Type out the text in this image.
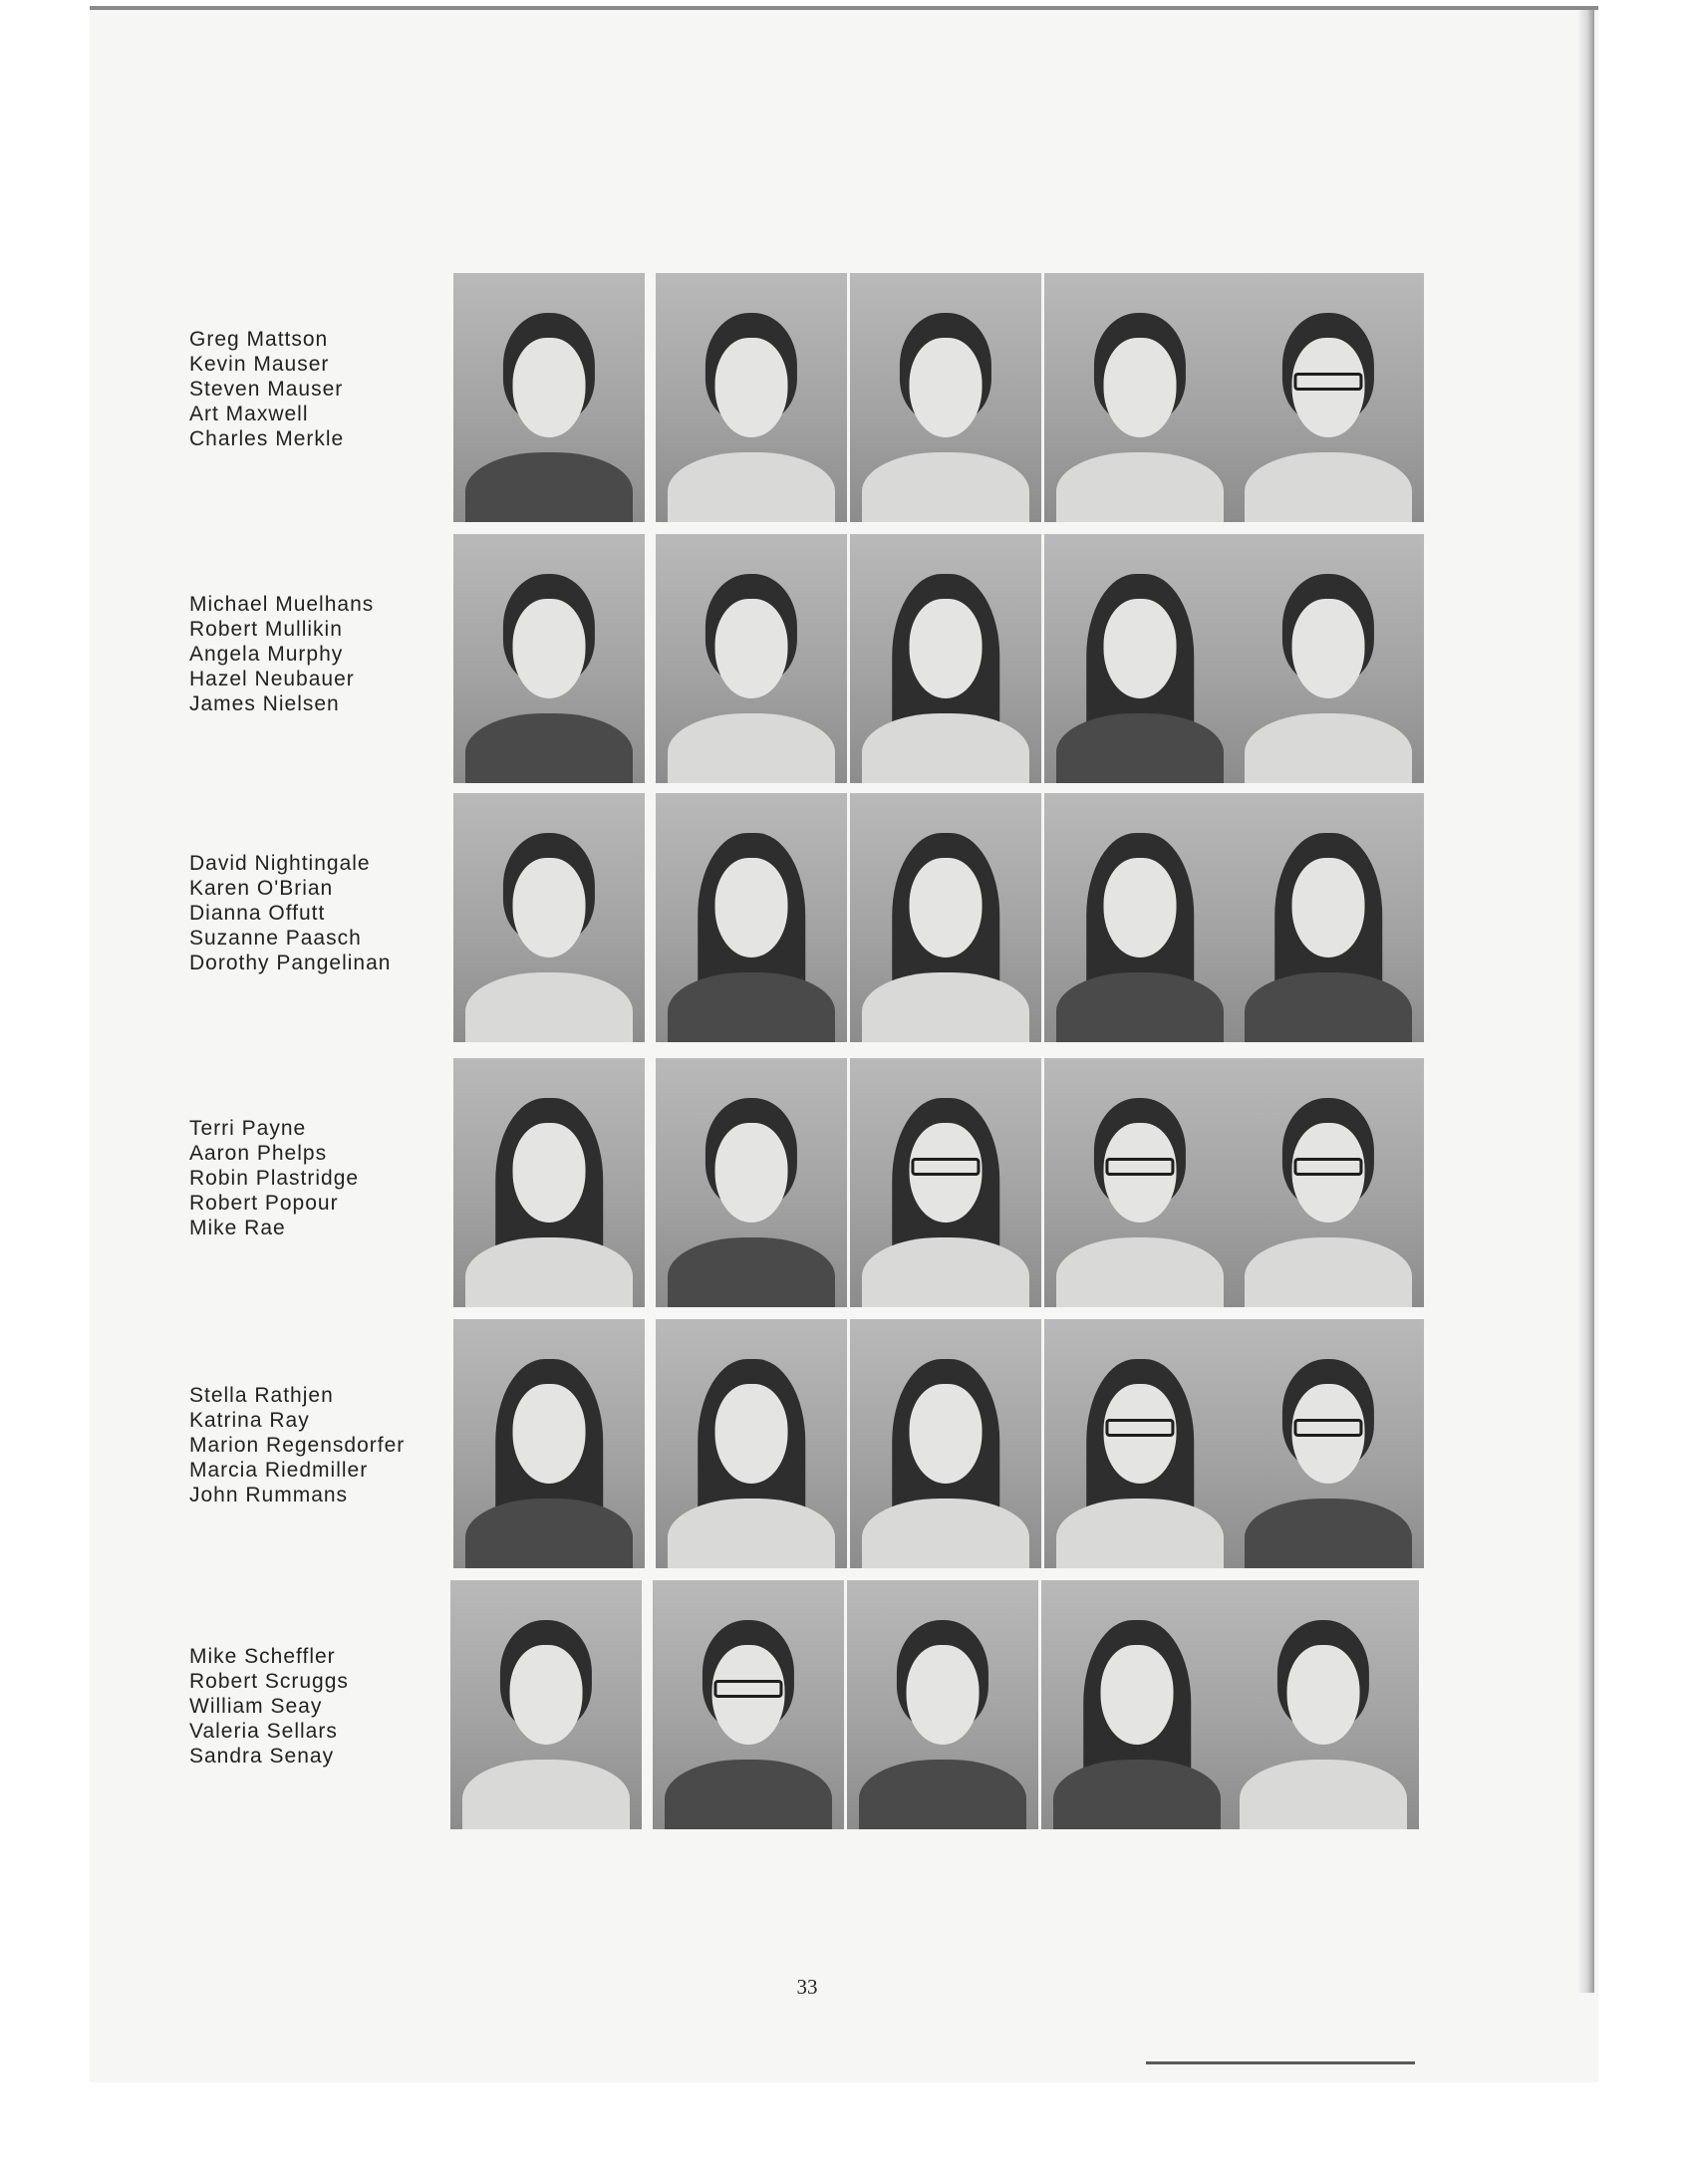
Greg Mattson
Kevin Mauser
Steven Mauser
Art Maxwell
Charles Merkle
Michael Muelhans
Robert Mullikin
Angela Murphy
Hazel Neubauer
James Nielsen
David Nightingale
Karen O'Brian
Dianna Offutt
Suzanne Paasch
Dorothy Pangelinan
Terri Payne
Aaron Phelps
Robin Plastridge
Robert Popour
Mike Rae
Stella Rathjen
Katrina Ray
Marion Regensdorfer
Marcia Riedmiller
John Rummans
Mike Scheffler
Robert Scruggs
William Seay
Valeria Sellars
Sandra Senay
33
